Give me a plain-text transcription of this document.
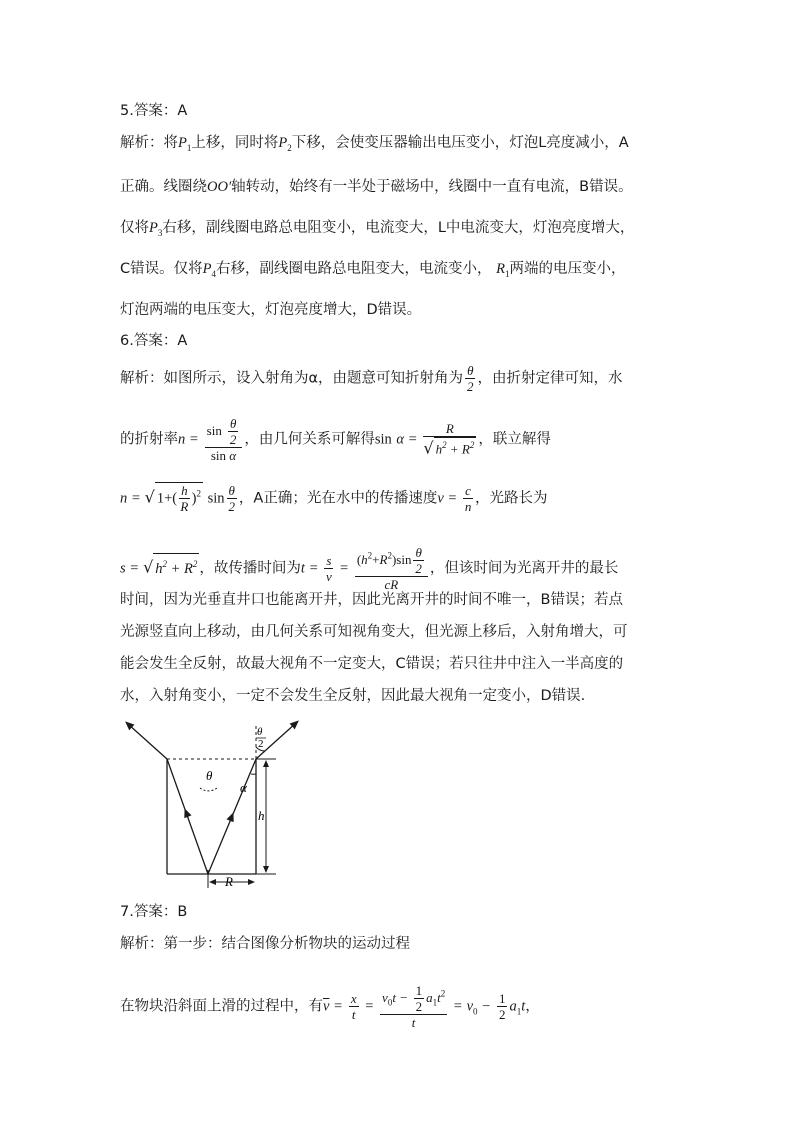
5.答案：A
解析：将$P_1$上移，同时将$P_2$下移，会使变压器输出电压变小，灯泡L亮度减小，A
正确。线圈绕OO′轴转动，始终有一半处于磁场中，线圈中一直有电流，B错误。
仅将$P_3$右移，副线圈电路总电阻变小，电流变大，L中电流变大，灯泡亮度增大，
C错误。仅将$P_4$右移，副线圈电路总电阻变大，电流变小， $R_1$两端的电压变小，
灯泡两端的电压变大，灯泡亮度增大，D错误。
6.答案：A
解析：如图所示，设入射角为α，由题意可知折射角为 $\frac{\theta}{2}$ ，由折射定律可知，水
的折射率$n = \frac{\sin \frac{\theta}{2}}{\text{sin α}}$ ，由几何关系可解得$\sin \alpha = \frac{R}{√ h^2 + R^2}$ ，联立解得
n = √ $1+( \frac{h}{R} )^2$ $\sin \frac{\theta}{2}$ ，A正确；光在水中的传播速度$v = \frac{c}{n}$ ，光路长为
s = √ $h^2 + R^2$ ，故传播时间为$t = \frac{s}{v} = \frac{(h^2+R^2)\sin \frac{\theta}{2}}{cR}$ ，但该时间为光离开井的最长
时间，因为光垂直井口也能离开井，因此光离开井的时间不唯一，B错误；若点
光源竖直向上移动，由几何关系可知视角变大，但光源上移后，入射角增大，可
能会发生全反射，故最大视角不一定变大，C错误；若只往井中注入一半高度的
水，入射角变小，一定不会发生全反射，因此最大视角一定变小，D错误.
θ
θ
2
α
h
R
7.答案：B
解析：第一步：结合图像分析物块的运动过程
在物块沿斜面上滑的过程中，有$\overline{v} = \frac{x}{t} = \frac{v_0t - \frac{1}{2} a_1t^2}{t} = v_0 - \frac{1}{2} a_1t$，
